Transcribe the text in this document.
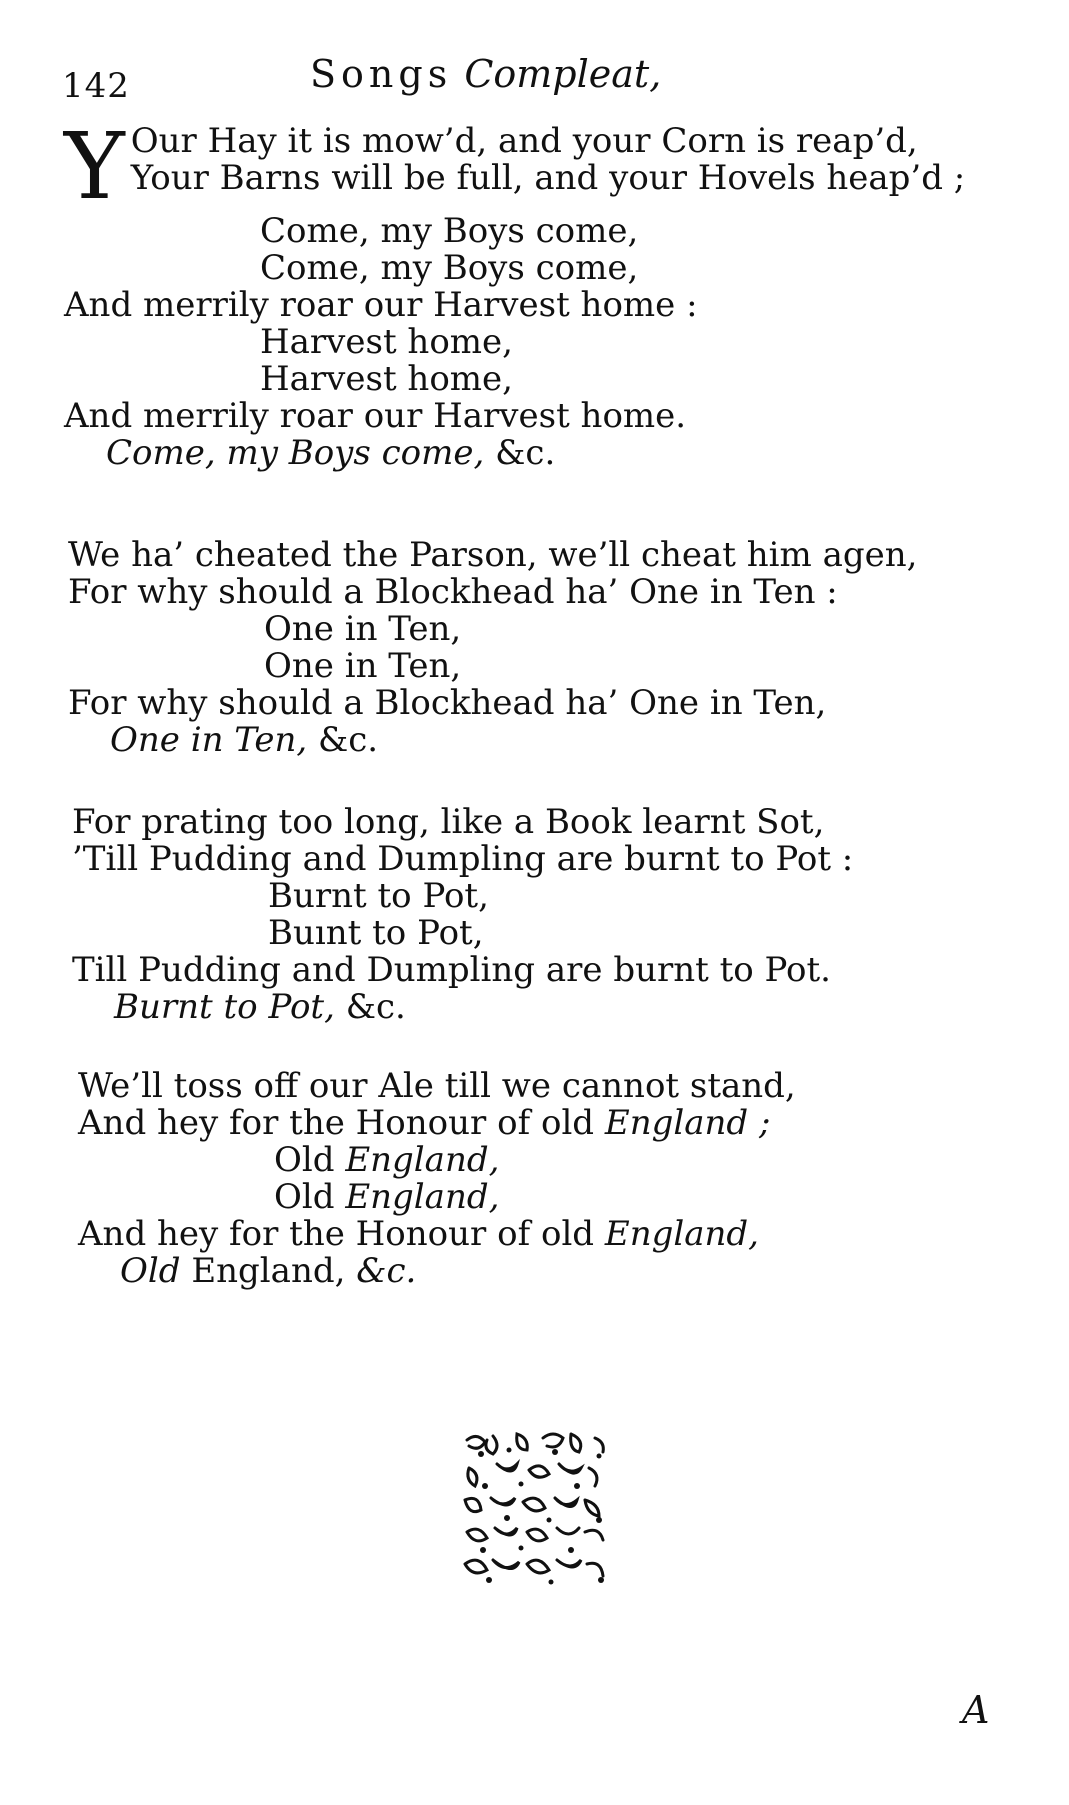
142	Songs Compleat,
Y Our Hay it is mow’d, and your Corn is reap’d,
Your Barns will be full, and your Hovels heap’d ;
Come, my Boys come,
Come, my Boys come,
And merrily roar our Harvest home :
Harvest home,
Harvest home,
And merrily roar our Harvest home.
Come, my Boys come, &c.
We ha’ cheated the Parson, we’ll cheat him agen,
For why should a Blockhead ha’ One in Ten :
One in Ten,
One in Ten,
For why should a Blockhead ha’ One in Ten,
One in Ten, &c.
For prating too long, like a Book learnt Sot,
’Till Pudding and Dumpling are burnt to Pot :
Burnt to Pot,
Buınt to Pot,
Till Pudding and Dumpling are burnt to Pot.
Burnt to Pot, &c.
We’ll toss off our Ale till we cannot stand,
And hey for the Honour of old England ;
Old England,
Old England,
And hey for the Honour of old England,
Old England, &c.
A
